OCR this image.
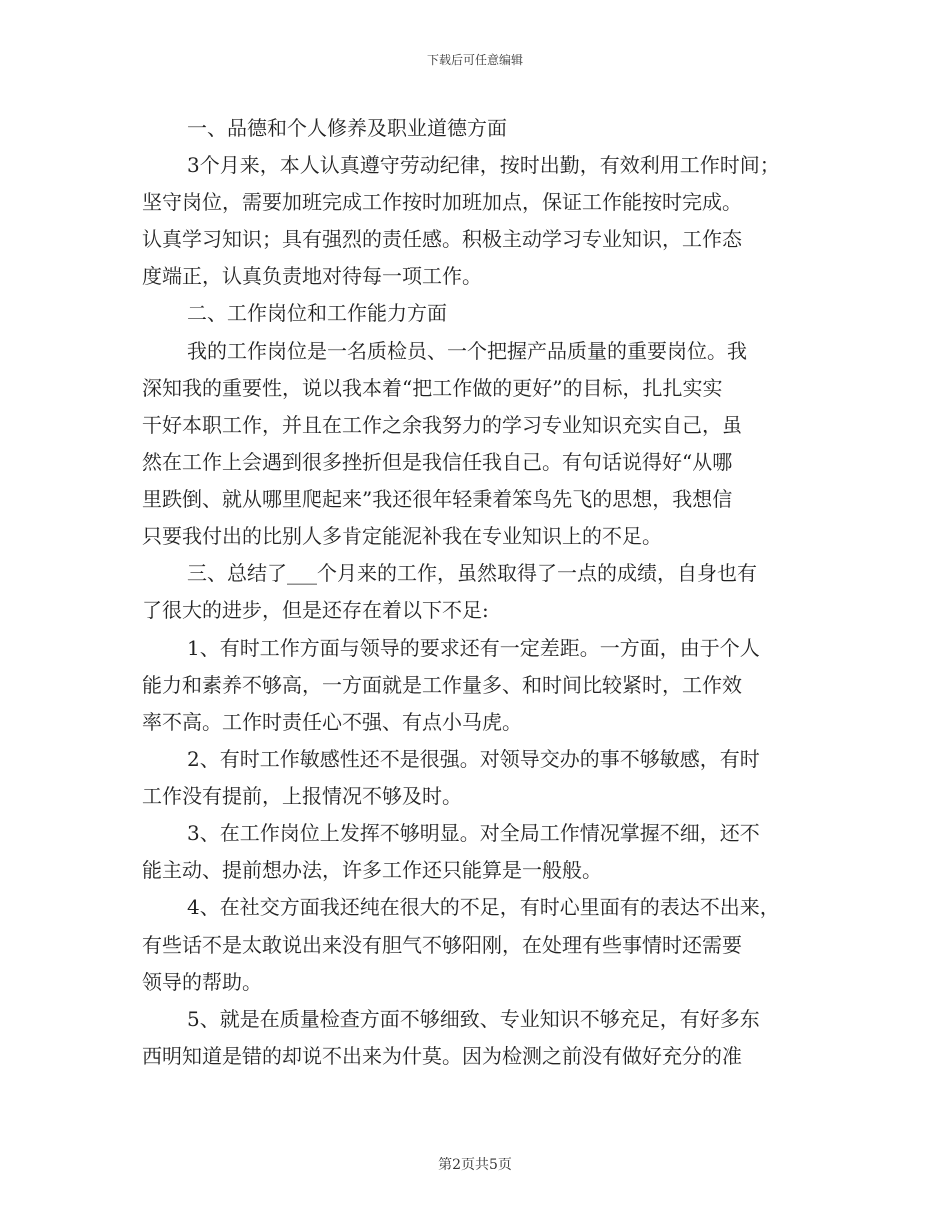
下载后可任意编辑
一、品德和个人修养及职业道德方面
3个月来，本人认真遵守劳动纪律，按时出勤，有效利用工作时间；
坚守岗位，需要加班完成工作按时加班加点，保证工作能按时完成。
认真学习知识；具有强烈的责任感。积极主动学习专业知识，工作态
度端正，认真负责地对待每一项工作。
二、工作岗位和工作能力方面
我的工作岗位是一名质检员、一个把握产品质量的重要岗位。我
深知我的重要性，说以我本着“把工作做的更好”的目标，扎扎实实
干好本职工作，并且在工作之余我努力的学习专业知识充实自己，虽
然在工作上会遇到很多挫折但是我信任我自己。有句话说得好“从哪
里跌倒、就从哪里爬起来”我还很年轻秉着笨鸟先飞的思想，我想信
只要我付出的比别人多肯定能泥补我在专业知识上的不足。
三、总结了___个月来的工作，虽然取得了一点的成绩，自身也有
了很大的进步，但是还存在着以下不足:
1、有时工作方面与领导的要求还有一定差距。一方面，由于个人
能力和素养不够高，一方面就是工作量多、和时间比较紧时，工作效
率不高。工作时责任心不强、有点小马虎。
2、有时工作敏感性还不是很强。对领导交办的事不够敏感，有时
工作没有提前，上报情况不够及时。
3、在工作岗位上发挥不够明显。对全局工作情况掌握不细，还不
能主动、提前想办法，许多工作还只能算是一般般。
4、在社交方面我还纯在很大的不足，有时心里面有的表达不出来，
有些话不是太敢说出来没有胆气不够阳刚，在处理有些事情时还需要
领导的帮助。
5、就是在质量检查方面不够细致、专业知识不够充足，有好多东
西明知道是错的却说不出来为什莫。因为检测之前没有做好充分的准
第2页共5页
